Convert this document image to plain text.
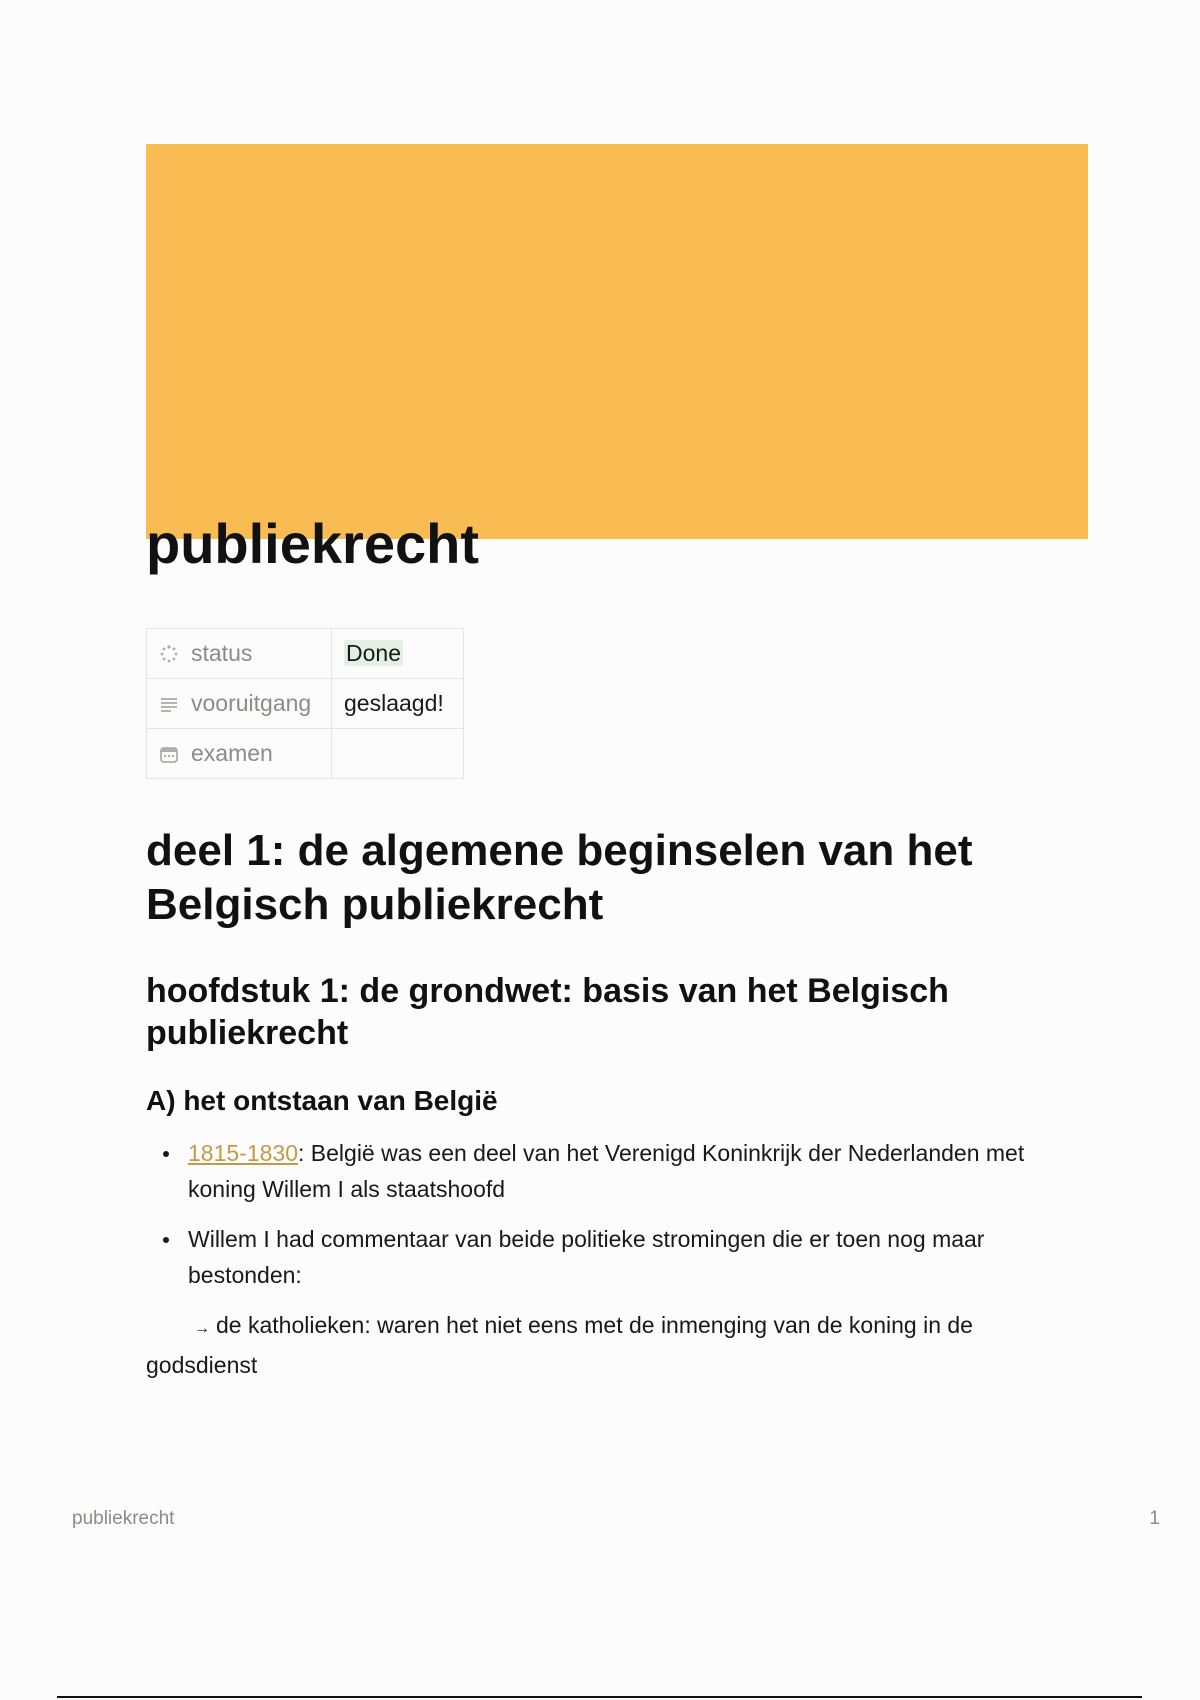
publiekrecht
status	Done
vooruitgang	geslaagd!
examen	
deel 1: de algemene beginselen van het Belgisch publiekrecht
hoofdstuk 1: de grondwet: basis van het Belgisch publiekrecht
A) het ontstaan van België
1815-1830: België was een deel van het Verenigd Koninkrijk der Nederlanden met koning Willem I als staatshoofd
Willem I had commentaar van beide politieke stromingen die er toen nog maar bestonden:

→ de katholieken: waren het niet eens met de inmenging van de koning in de godsdienst

publiekrecht	1
